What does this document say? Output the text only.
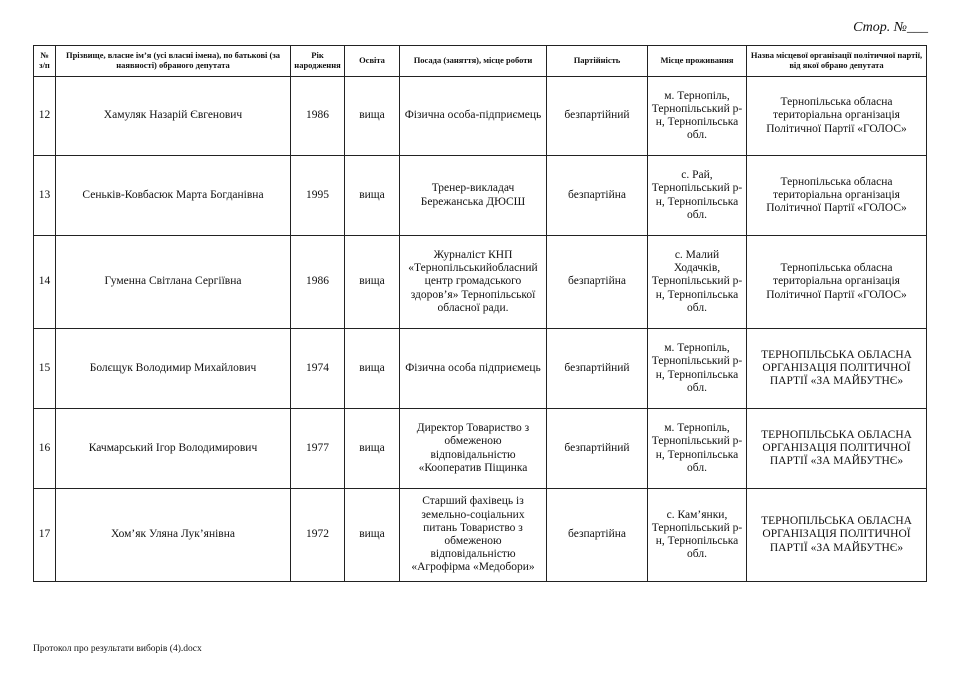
Стор. №___
№ з/п	Прізвище, власне ім’я (усі власні імена), по батькові (за наявності) обраного депутата	Рік народження	Освіта	Посада (заняття), місце роботи	Партійність	Місце проживання	Назва місцевої організації політичної партії, від якої обрано депутата
12	Хамуляк Назарій Євгенович	1986	вища	Фізична особа-підприємець	безпартійний	м. Тернопіль, Тернопільський р-н, Тернопільська обл.	Тернопільська обласна територіальна організація Політичної Партії «ГОЛОС»
13	Сеньків-Ковбасюк Марта Богданівна	1995	вища	Тренер-викладач Бережанська ДЮСШ	безпартійна	с. Рай, Тернопільський р-н, Тернопільська обл.	Тернопільська обласна територіальна організація Політичної Партії «ГОЛОС»
14	Гуменна Світлана Сергіївна	1986	вища	Журналіст КНП «Тернопільськийобласний центр громадського здоров’я» Тернопільської обласної ради.	безпартійна	с. Малий Ходачків, Тернопільський р-н, Тернопільська обл.	Тернопільська обласна територіальна організація Політичної Партії «ГОЛОС»
15	Болєщук Володимир Михайлович	1974	вища	Фізична особа підприємець	безпартійний	м. Тернопіль, Тернопільський р-н, Тернопільська обл.	ТЕРНОПІЛЬСЬКА ОБЛАСНА ОРГАНІЗАЦІЯ ПОЛІТИЧНОЇ ПАРТІЇ «ЗА МАЙБУТНЄ»
16	Качмарський Ігор Володимирович	1977	вища	Директор Товариство з обмеженою відповідальністю «Кооператив Піщинка	безпартійний	м. Тернопіль, Тернопільський р-н, Тернопільська обл.	ТЕРНОПІЛЬСЬКА ОБЛАСНА ОРГАНІЗАЦІЯ ПОЛІТИЧНОЇ ПАРТІЇ «ЗА МАЙБУТНЄ»
17	Хом’як Уляна Лук’янівна	1972	вища	Старший фахівець із земельно-соціальних питань Товариство з обмеженою відповідальністю «Агрофірма «Медобори»	безпартійна	с. Кам’янки, Тернопільський р-н, Тернопільська обл.	ТЕРНОПІЛЬСЬКА ОБЛАСНА ОРГАНІЗАЦІЯ ПОЛІТИЧНОЇ ПАРТІЇ «ЗА МАЙБУТНЄ»
Протокол про результати виборів (4).docx
